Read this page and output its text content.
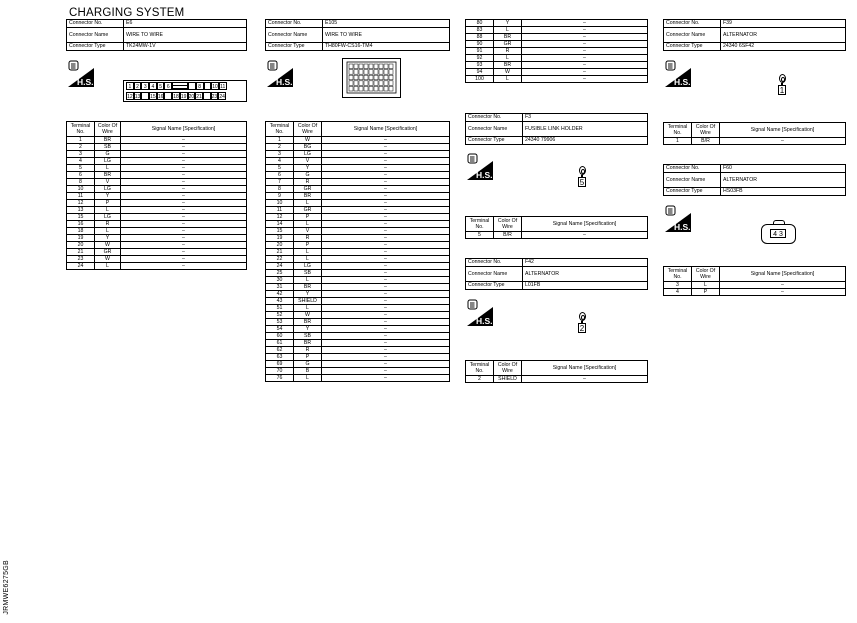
CHARGING SYSTEM
JRMWE6275GB
Connector No.	E6
Connector Name	WIRE TO WIRE
Connector Type	TK24MW-1V
H.S.	1 2 3 4 5 6	8	10 11
12 13 15 16 18 19 20 21 23 24
Terminal No.	Color Of Wire	Signal Name [Specification]
1	BR	–
2	SB	–
3	G	–
4	LG	–
5	L	–
6	BR	–
8	V	–
10	LG	–
11	Y	–
12	P	–
13	L	–
15	LG	–
16	R	–
18	L	–
19	Y	–
20	W	–
21	GR	–
23	W	–
24	L	–
Connector No.	E105
Connector Name	WIRE TO WIRE
Connector Type	TH80FW-CS16-TM4
H.S.
Terminal No.	Color Of Wire	Signal Name [Specification]
1	W	–
2	BG	–
3	LG	–
4	V	–
5	Y	–
6	G	–
7	R	–
8	GR	–
9	BR	–
10	L	–
11	GR	–
12	P	–
14	L	–
15	V	–
19	R	–
20	P	–
21	L	–
22	L	–
24	LG	–
25	SB	–
30	L	–
31	BR	–
42	Y	–
43	SHIELD	–
51	L	–
52	W	–
53	BR	–
54	Y	–
60	SB	–
61	BR	–
62	R	–
63	P	–
69	G	–
70	B	–
76	L	–
80	Y	–
83	L	–
88	BR	–
90	GR	–
91	R	–
92	L	–
93	BR	–
94	W	–
100	L	–
Connector No.	F3
Connector Name	FUSIBLE LINK HOLDER
Connector Type	24340 79906
H.S.
5
Terminal No.	Color Of Wire	Signal Name [Specification]
5	B/R	–
Connector No.	F42
Connector Name	ALTERNATOR
Connector Type	L01FB
H.S.
2
Terminal No.	Color Of Wire	Signal Name [Specification]
2	SHIELD	–
Connector No.	F39
Connector Name	ALTERNATOR
Connector Type	24340 6SF42
H.S.
1
Terminal No.	Color Of Wire	Signal Name [Specification]
1	B/R	–
Connector No.	F60
Connector Name	ALTERNATOR
Connector Type	HS03FB
H.S.
4 3
Terminal No.	Color Of Wire	Signal Name [Specification]
3	L	–
4	P	–
